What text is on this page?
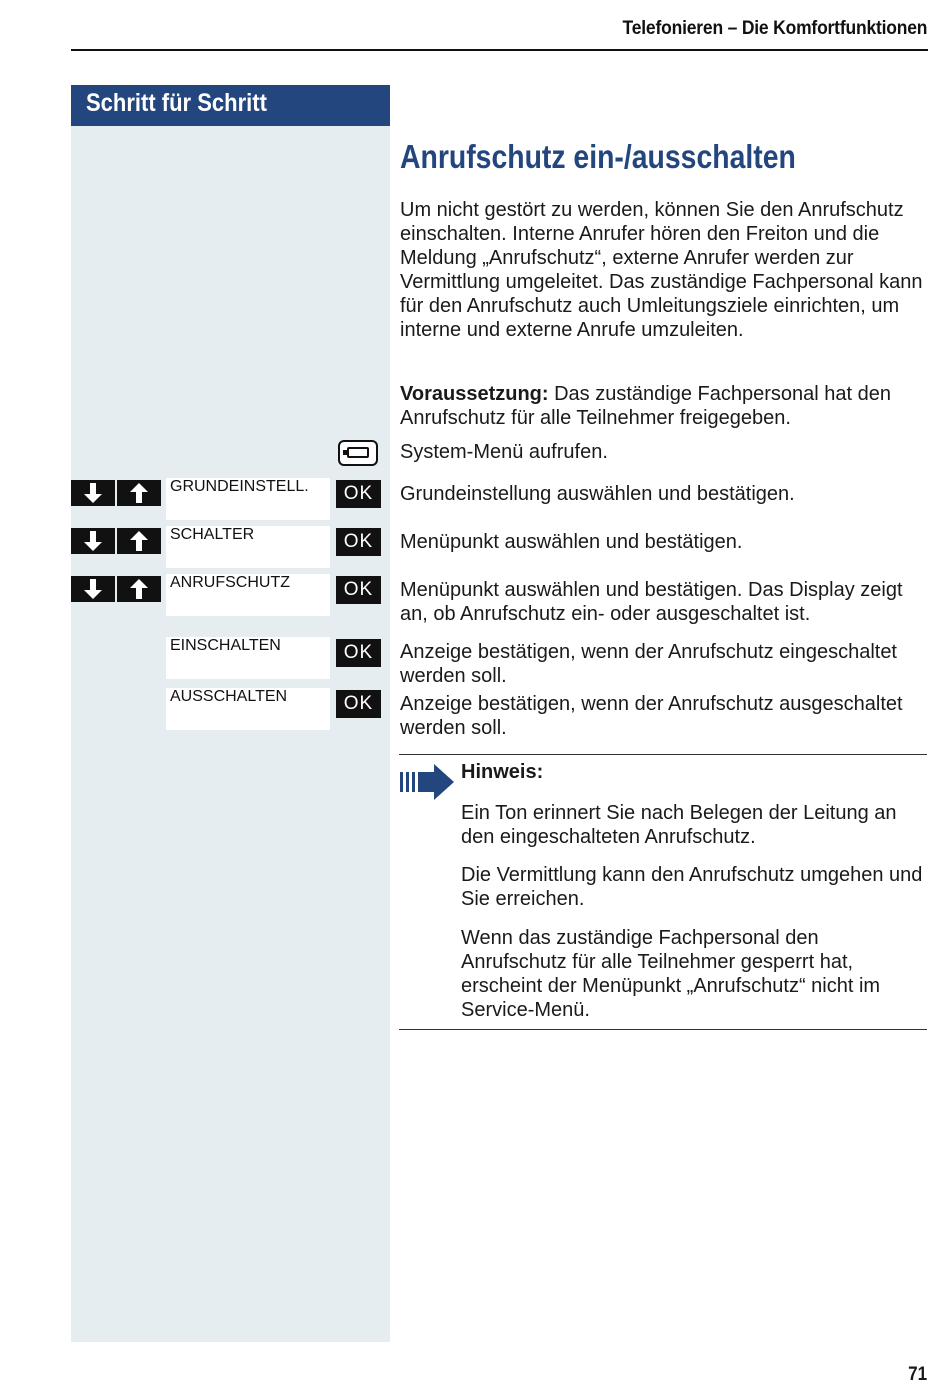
Telefonieren – Die Komfortfunktionen
Schritt für Schritt
Anrufschutz ein-/ausschalten
Um nicht gestört zu werden, können Sie den Anrufschutz einschalten. Interne Anrufer hören den Freiton und die Meldung „Anrufschutz“, externe Anrufer werden zur Vermittlung umgeleitet. Das zuständige Fachpersonal kann für den Anrufschutz auch Umleitungsziele einrichten, um interne und externe Anrufe umzuleiten.
Voraussetzung: Das zuständige Fachpersonal hat den Anrufschutz für alle Teilnehmer freigegeben.
System-Menü aufrufen.
GRUNDEINSTELL.	OK	Grundeinstellung auswählen und bestätigen.
SCHALTER	OK	Menüpunkt auswählen und bestätigen.
ANRUFSCHUTZ	OK	Menüpunkt auswählen und bestätigen. Das Display zeigt an, ob Anrufschutz ein- oder ausgeschaltet ist.
EINSCHALTEN	OK	Anzeige bestätigen, wenn der Anrufschutz eingeschaltet werden soll.
AUSSCHALTEN	OK	Anzeige bestätigen, wenn der Anrufschutz ausgeschaltet werden soll.
Hinweis:
Ein Ton erinnert Sie nach Belegen der Leitung an den eingeschalteten Anrufschutz.
Die Vermittlung kann den Anrufschutz umgehen und Sie erreichen.
Wenn das zuständige Fachpersonal den Anrufschutz für alle Teilnehmer gesperrt hat, erscheint der Menüpunkt „Anrufschutz“ nicht im Service-Menü.
71
